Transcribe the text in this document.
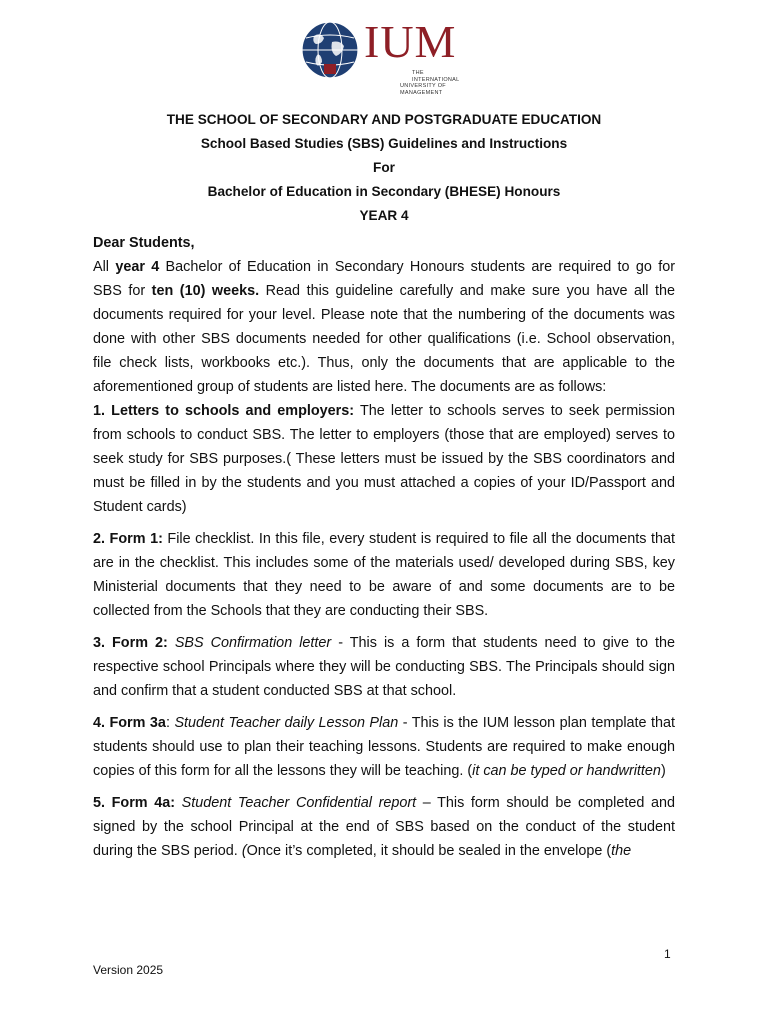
IUM
THE INTERNATIONAL
UNIVERSITY OF MANAGEMENT
THE SCHOOL OF SECONDARY AND POSTGRADUATE EDUCATION
School Based Studies (SBS) Guidelines and Instructions
For
Bachelor of Education in Secondary (BHESE) Honours
YEAR 4

Dear Students,

All year 4 Bachelor of Education in Secondary Honours students are required to go for SBS for ten (10) weeks. Read this guideline carefully and make sure you have all the documents required for your level. Please note that the numbering of the documents was done with other SBS documents needed for other qualifications (i.e. School observation, file check lists, workbooks etc.). Thus, only the documents that are applicable to the aforementioned group of students are listed here. The documents are as follows:

1. Letters to schools and employers: The letter to schools serves to seek permission from schools to conduct SBS. The letter to employers (those that are employed) serves to seek study for SBS purposes.( These letters must be issued by the SBS coordinators and must be filled in by the students and you must attached a copies of your ID/Passport and Student cards)

2. Form 1: File checklist. In this file, every student is required to file all the documents that are in the checklist. This includes some of the materials used/ developed during SBS, key Ministerial documents that they need to be aware of and some documents are to be collected from the Schools that they are conducting their SBS.

3. Form 2: SBS Confirmation letter - This is a form that students need to give to the respective school Principals where they will be conducting SBS. The Principals should sign and confirm that a student conducted SBS at that school.

4. Form 3a: Student Teacher daily Lesson Plan - This is the IUM lesson plan template that students should use to plan their teaching lessons. Students are required to make enough copies of this form for all the lessons they will be teaching. (it can be typed or handwritten)

5. Form 4a: Student Teacher Confidential report – This form should be completed and signed by the school Principal at the end of SBS based on the conduct of the student during the SBS period. (Once it’s completed, it should be sealed in the envelope (the

1
Version 2025
